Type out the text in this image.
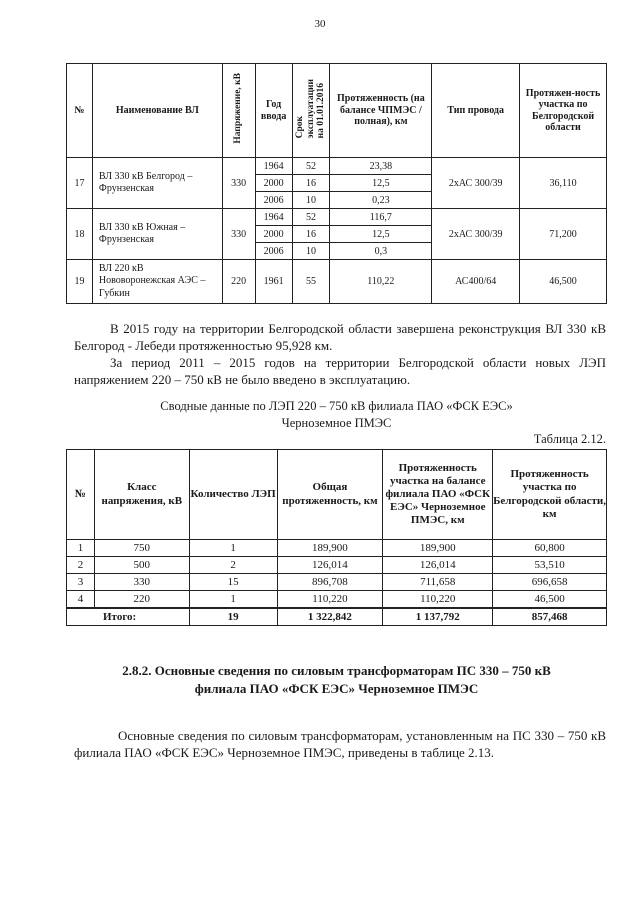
30
№	Наименование ВЛ	Напряжение, кВ	Год ввода	Срокэксплуатациина 01.01.2016	Протяженность (на балансе ЧПМЭС / полная), км	Тип провода	Протяжен-ность участка по Белгородской области
17	ВЛ 330 кВ Белгород – Фрунзенская	330	1964	52	23,38	2хАС 300/39	36,110
			2000	16	12,5		
			2006	10	0,23		
18	ВЛ 330 кВ Южная – Фрунзенская	330	1964	52	116,7	2хАС 300/39	71,200
			2000	16	12,5		
			2006	10	0,3		
19	ВЛ 220 кВ Нововоронежская АЭС – Губкин	220	1961	55	110,22	АС400/64	46,500
В 2015 году на территории Белгородской области завершена реконструкция ВЛ 330 кВ Белгород - Лебеди протяженностью 95,928 км.
За период 2011 – 2015 годов на территории Белгородской области новых ЛЭП напряжением 220 – 750 кВ не было введено в эксплуатацию.
Сводные данные по ЛЭП 220 – 750 кВ филиала ПАО «ФСК ЕЭС»
Черноземное ПМЭС
Таблица 2.12.
№	Класс напряжения, кВ	Количество ЛЭП	Общая протяженность, км	Протяженность участка на балансе филиала ПАО «ФСК ЕЭС» Черноземное ПМЭС, км	Протяженность участка по Белгородской области, км
1	750	1	189,900	189,900	60,800
2	500	2	126,014	126,014	53,510
3	330	15	896,708	711,658	696,658
4	220	1	110,220	110,220	46,500
Итого:		19	1 322,842	1 137,792	857,468
2.8.2. Основные сведения по силовым трансформаторам ПС 330 – 750 кВ
филиала ПАО «ФСК ЕЭС» Черноземное ПМЭС
Основные сведения по силовым трансформаторам, установленным на ПС 330 – 750 кВ филиала ПАО «ФСК ЕЭС» Черноземное ПМЭС, приведены в таблице 2.13.
